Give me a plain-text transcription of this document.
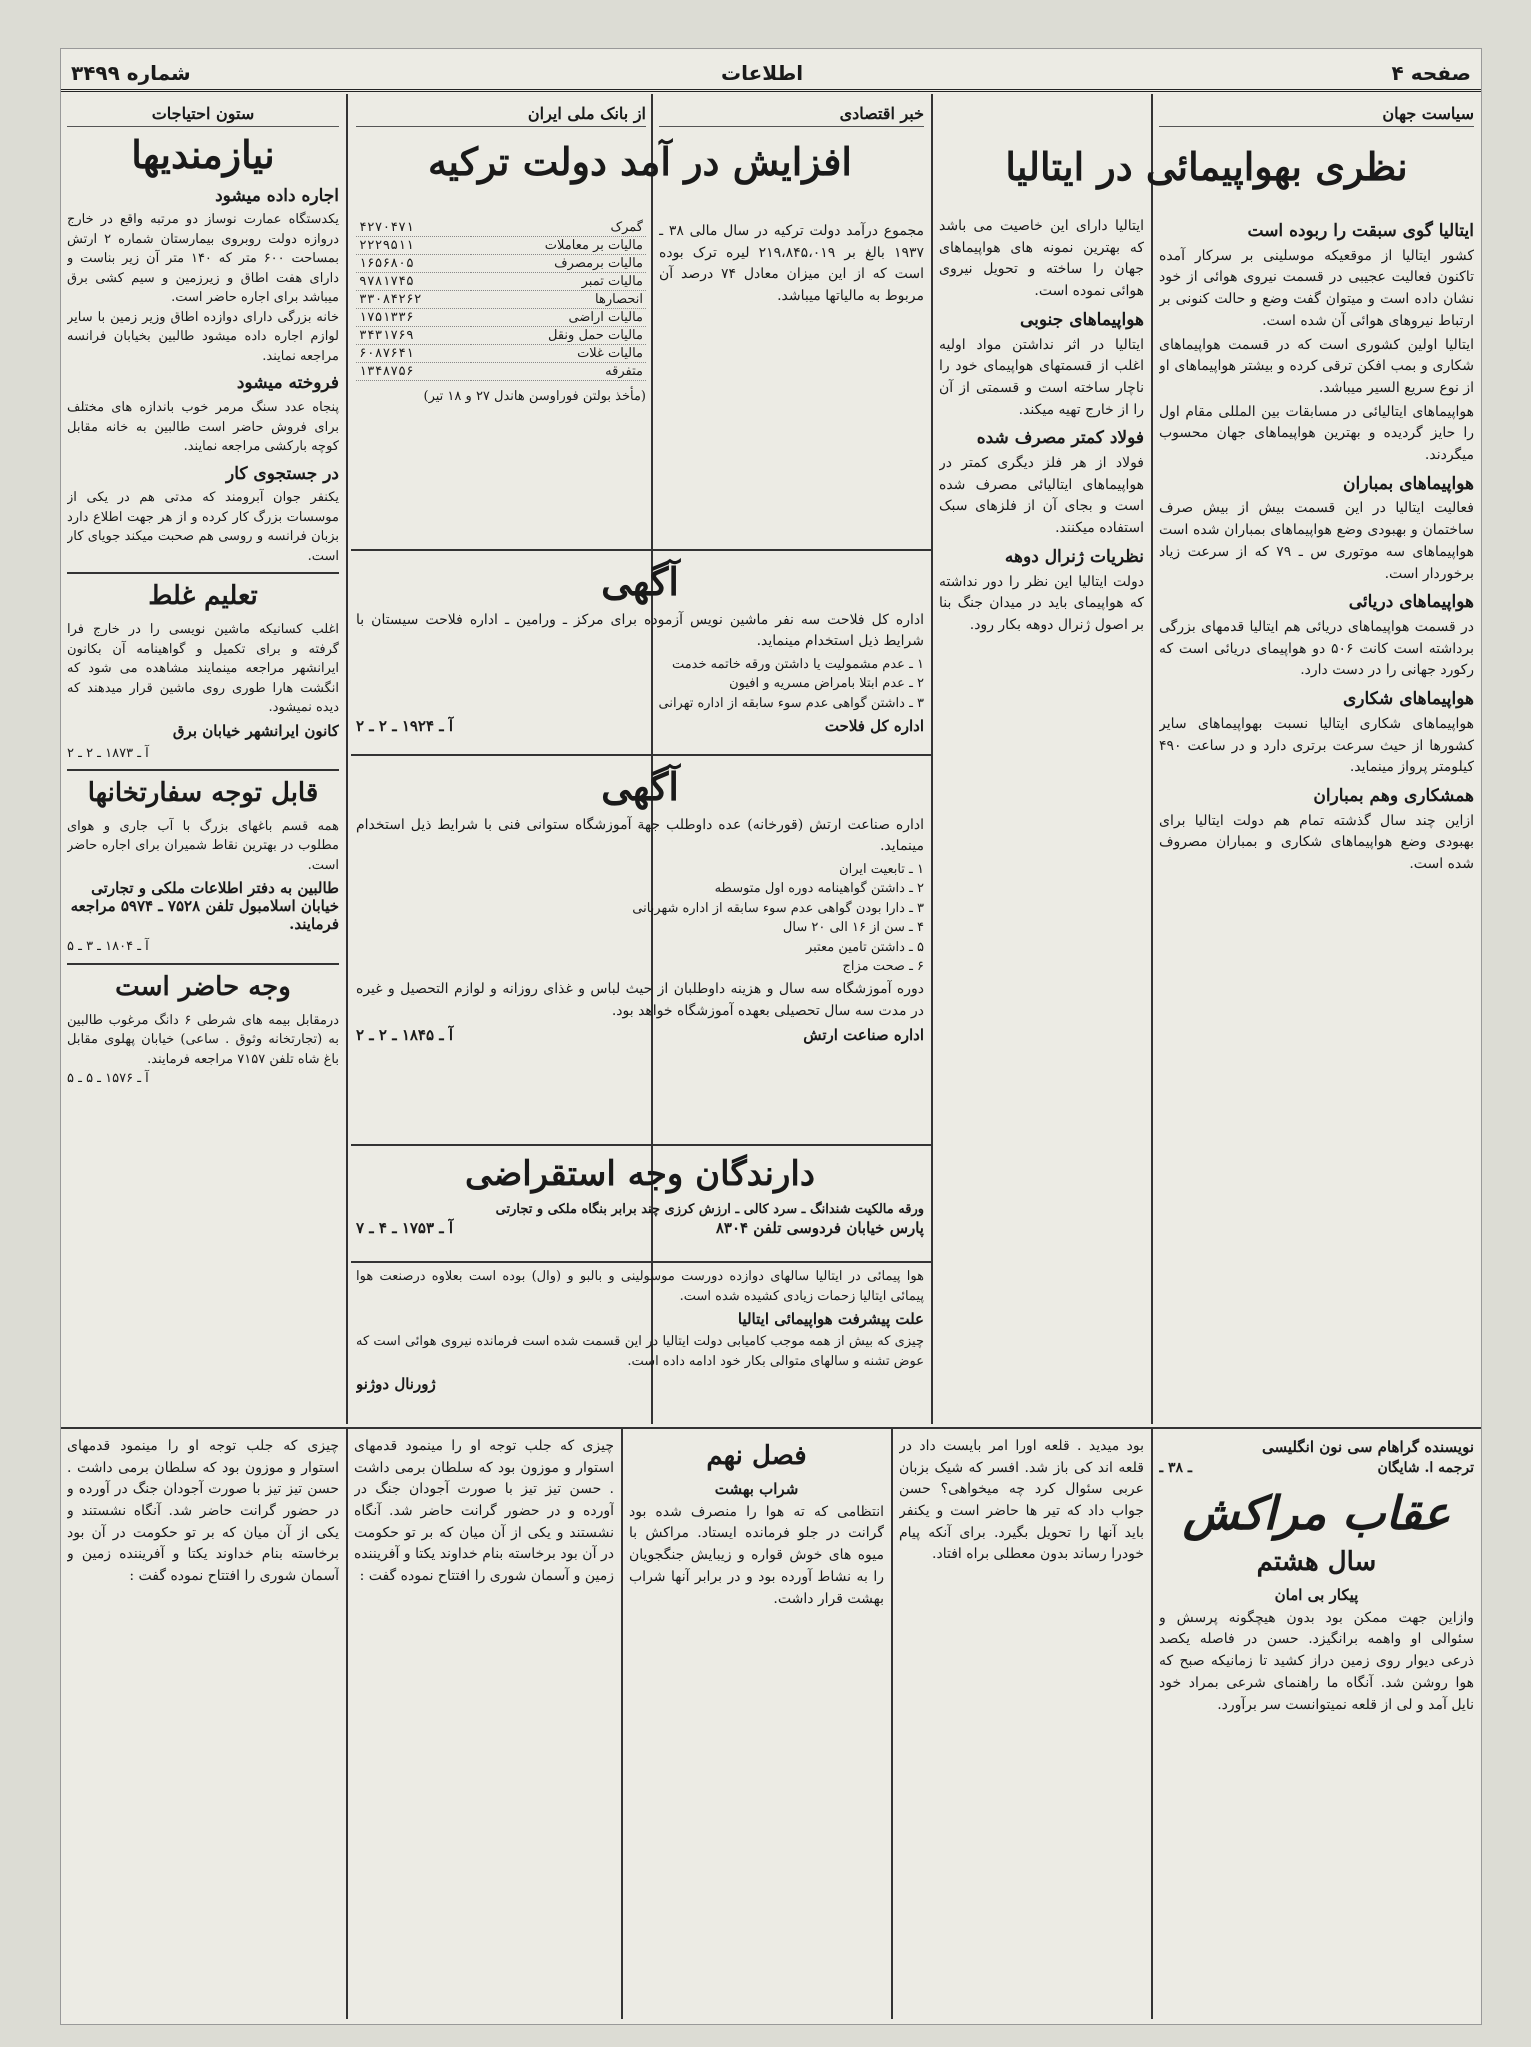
صفحه ۴
اطلاعات
شماره ۳۴۹۹
سیاست جهان
نظری بهواپیمائی در ایتالیا
ایتالیا گوی سبقت را ربوده است

کشور ایتالیا از موقعیکه موسلینی بر سرکار آمده تاکنون فعالیت عجیبی در قسمت نیروی هوائی از خود نشان داده است و میتوان گفت وضع و حالت کنونی بر ارتباط نیروهای هوائی آن شده است.

ایتالیا اولین کشوری است که در قسمت هواپیماهای شکاری و بمب افکن ترقی کرده و بیشتر هواپیماهای او از نوع سریع السیر میباشد.

هواپیماهای ایتالیائی در مسابقات بین المللی مقام اول را حایز گردیده و بهترین هواپیماهای جهان محسوب میگردند.

هواپیماهای بمباران

فعالیت ایتالیا در این قسمت بیش از بیش صرف ساختمان و بهبودی وضع هواپیماهای بمباران شده است هواپیماهای سه موتوری س ـ ۷۹ که از سرعت زیاد برخوردار است.

هواپیماهای دریائی

در قسمت هواپیماهای دریائی هم ایتالیا قدمهای بزرگی برداشته است کانت ۵۰۶ دو هواپیمای دریائی است که رکورد جهانی را در دست دارد.

هواپیماهای شکاری

هواپیماهای شکاری ایتالیا نسبت بهواپیماهای سایر کشورها از حیث سرعت برتری دارد و در ساعت ۴۹۰ کیلومتر پرواز مینماید.

همشکاری وهم بمباران

ازاین چند سال گذشته تمام هم دولت ایتالیا برای بهبودی وضع هواپیماهای شکاری و بمباران مصروف شده است.

ایتالیا دارای این خاصیت می باشد که بهترین نمونه های هواپیماهای جهان را ساخته و تحویل نیروی هوائی نموده است.

هواپیماهای جنوبی

ایتالیا در اثر نداشتن مواد اولیه اغلب از قسمتهای هواپیمای خود را ناچار ساخته است و قسمتی از آن را از خارج تهیه میکند.

فولاد کمتر مصرف شده

فولاد از هر فلز دیگری کمتر در هواپیماهای ایتالیائی مصرف شده است و بجای آن از فلزهای سبک استفاده میکنند.

نظریات ژنرال دوهه

دولت ایتالیا این نظر را دور نداشته که هواپیمای باید در میدان جنگ بنا بر اصول ژنرال دوهه بکار رود.

خبر اقتصادی
از بانک ملی ایران
افزایش در آمد دولت ترکیه

مجموع درآمد دولت ترکیه در سال مالی ۳۸ ـ ۱۹۳۷ بالغ بر ۲۱۹،۸۴۵،۰۱۹ لیره ترک بوده است که از این میزان معادل ۷۴ درصد آن مربوط به مالیاتها میباشد.

گمرک	۴۲۷۰۴۷۱
مالیات بر معاملات	۲۲۲۹۵۱۱
مالیات برمصرف	۱۶۵۶۸۰۵
مالیات تمبر	۹۷۸۱۷۴۵
انحصارها	۳۳۰۸۴۲۶۲
مالیات اراضی	۱۷۵۱۳۳۶
مالیات حمل ونقل	۳۴۳۱۷۶۹
مالیات غلات	۶۰۸۷۶۴۱
متفرقه	۱۳۴۸۷۵۶

(مأخذ بولتن فوراوسن هاندل ۲۷ و ۱۸ تیر)

آگهی

اداره کل فلاحت سه نفر ماشین نویس آزموده برای مرکز ـ ورامین ـ اداره فلاحت سیستان با شرایط ذیل استخدام مینماید.

۱ ـ عدم مشمولیت یا داشتن ورقه خاتمه خدمت

۲ ـ عدم ابتلا بامراض مسریه و افیون

۳ ـ داشتن گواهی عدم سوء سابقه از اداره تهرانی

اداره کل فلاحت
آ ـ ۱۹۲۴ ـ ۲ ـ ۲
آگهی

اداره صناعت ارتش (قورخانه) عده داوطلب جهة آموزشگاه ستوانی فنی با شرایط ذیل استخدام مینماید.

۱ ـ تابعیت ایران

۲ ـ داشتن گواهینامه دوره اول متوسطه

۳ ـ دارا بودن گواهی عدم سوء سابقه از اداره شهربانی

۴ ـ سن از ۱۶ الی ۲۰ سال

۵ ـ داشتن تامین معتبر

۶ ـ صحت مزاج

دوره آموزشگاه سه سال و هزینه داوطلبان از حیث لباس و غذای روزانه و لوازم التحصیل و غیره در مدت سه سال تحصیلی بعهده آموزشگاه خواهد بود.

اداره صناعت ارتش
آ ـ ۱۸۴۵ ـ ۲ ـ ۲
دارندگان وجه استقراضی

ورقه مالکیت شندانگ ـ سرد کالی ـ ارزش کرزی چند برابر بنگاه ملکی و تجارتی

پارس خیابان فردوسی تلفن ۸۳۰۴
آ ـ ۱۷۵۳ ـ ۴ ـ ۷

هوا پیمائی در ایتالیا سالهای دوازده دورست موسولینی و بالبو و (وال) بوده است بعلاوه درصنعت هوا پیمائی ایتالیا زحمات زیادی کشیده شده است.

علت پیشرفت هواپیمائی ایتالیا

چیزی که بیش از همه موجب کامیابی دولت ایتالیا در این قسمت شده است فرمانده نیروی هوائی است که عوض تشنه و سالهای متوالی بکار خود ادامه داده است.

ژورنال دوژنو
ستون احتیاجات
نیازمندیها
اجاره داده میشود

یکدستگاه عمارت نوساز دو مرتبه واقع در خارج دروازه دولت روبروی بیمارستان شماره ۲ ارتش بمساحت ۶۰۰ متر که ۱۴۰ متر آن زیر بناست و دارای هفت اطاق و زیرزمین و سیم کشی برق میباشد برای اجاره حاضر است.

خانه بزرگی دارای دوازده اطاق وزیر زمین با سایر لوازم اجاره داده میشود طالبین بخیابان فرانسه مراجعه نمایند.

فروخته میشود

پنجاه عدد سنگ مرمر خوب باندازه های مختلف برای فروش حاضر است طالبین به خانه مقابل کوچه بارکشی مراجعه نمایند.

در جستجوی کار

یکنفر جوان آبرومند که مدتی هم در یکی از موسسات بزرگ کار کرده و از هر جهت اطلاع دارد بزبان فرانسه و روسی هم صحبت میکند جویای کار است.

تعلیم غلط

اغلب کسانیکه ماشین نویسی را در خارج فرا گرفته و برای تکمیل و گواهینامه آن بکانون ایرانشهر مراجعه مینمایند مشاهده می شود که انگشت هارا طوری روی ماشین قرار میدهند که دیده نمیشود.

کانون ایرانشهر خیابان برق

آ ـ ۱۸۷۳ ـ ۲ ـ ۲

قابل توجه سفارتخانها

همه قسم باغهای بزرگ با آب جاری و هوای مطلوب در بهترین نقاط شمیران برای اجاره حاضر است.

طالبین به دفتر اطلاعات ملکی و تجارتی خیابان اسلامبول تلفن ۷۵۲۸ ـ ۵۹۷۴ مراجعه فرمایند.

آ ـ ۱۸۰۴ ـ ۳ ـ ۵

وجه حاضر است

درمقابل بیمه های شرطی ۶ دانگ مرغوب طالبین به (تجارتخانه وثوق . ساعی) خیابان پهلوی مقابل باغ شاه تلفن ۷۱۵۷ مراجعه فرمایند.

آ ـ ۱۵۷۶ ـ ۵ ـ ۵

نویسنده گراهام سی نون انگلیسی
ترجمه ا. شایگان
ـ ۳۸ ـ
عقاب مراکش
سال هشتم
پیکار بی امان

وازاین جهت ممکن بود بدون هیچگونه پرسش و سئوالی او واهمه برانگیزد. حسن در فاصله یکصد ذرعی دیوار روی زمین دراز کشید تا زمانیکه صبح که هوا روشن شد. آنگاه ما راهنمای شرعی بمراد خود نایل آمد و لی از قلعه نمیتوانست سر برآورد.

بود میدید . قلعه اورا امر بایست داد در قلعه اند کی باز شد. افسر که شیک بزبان عربی سئوال کرد چه میخواهی؟ حسن جواب داد که تیر ها حاضر است و یکنفر باید آنها را تحویل بگیرد. برای آنکه پیام خودرا رساند بدون معطلی براه افتاد.

فصل نهم
شراب بهشت

انتظامی که ته هوا را منصرف شده بود گرانت در جلو فرمانده ایستاد. مراکش با میوه های خوش قواره و زیبایش جنگجویان را به نشاط آورده بود و در برابر آنها شراب بهشت قرار داشت.

چیزی که جلب توجه او را مینمود قدمهای استوار و موزون بود که سلطان برمی داشت . حسن تیز تیز با صورت آجودان جنگ در آورده و در حضور گرانت حاضر شد. آنگاه نشستند و یکی از آن میان که بر تو حکومت در آن بود برخاسته بنام خداوند یکتا و آفریننده زمین و آسمان شوری را افتتاح نموده گفت :

چیزی که جلب توجه او را مینمود قدمهای استوار و موزون بود که سلطان برمی داشت . حسن تیز تیز با صورت آجودان جنگ در آورده و در حضور گرانت حاضر شد. آنگاه نشستند و یکی از آن میان که بر تو حکومت در آن بود برخاسته بنام خداوند یکتا و آفریننده زمین و آسمان شوری را افتتاح نموده گفت :
